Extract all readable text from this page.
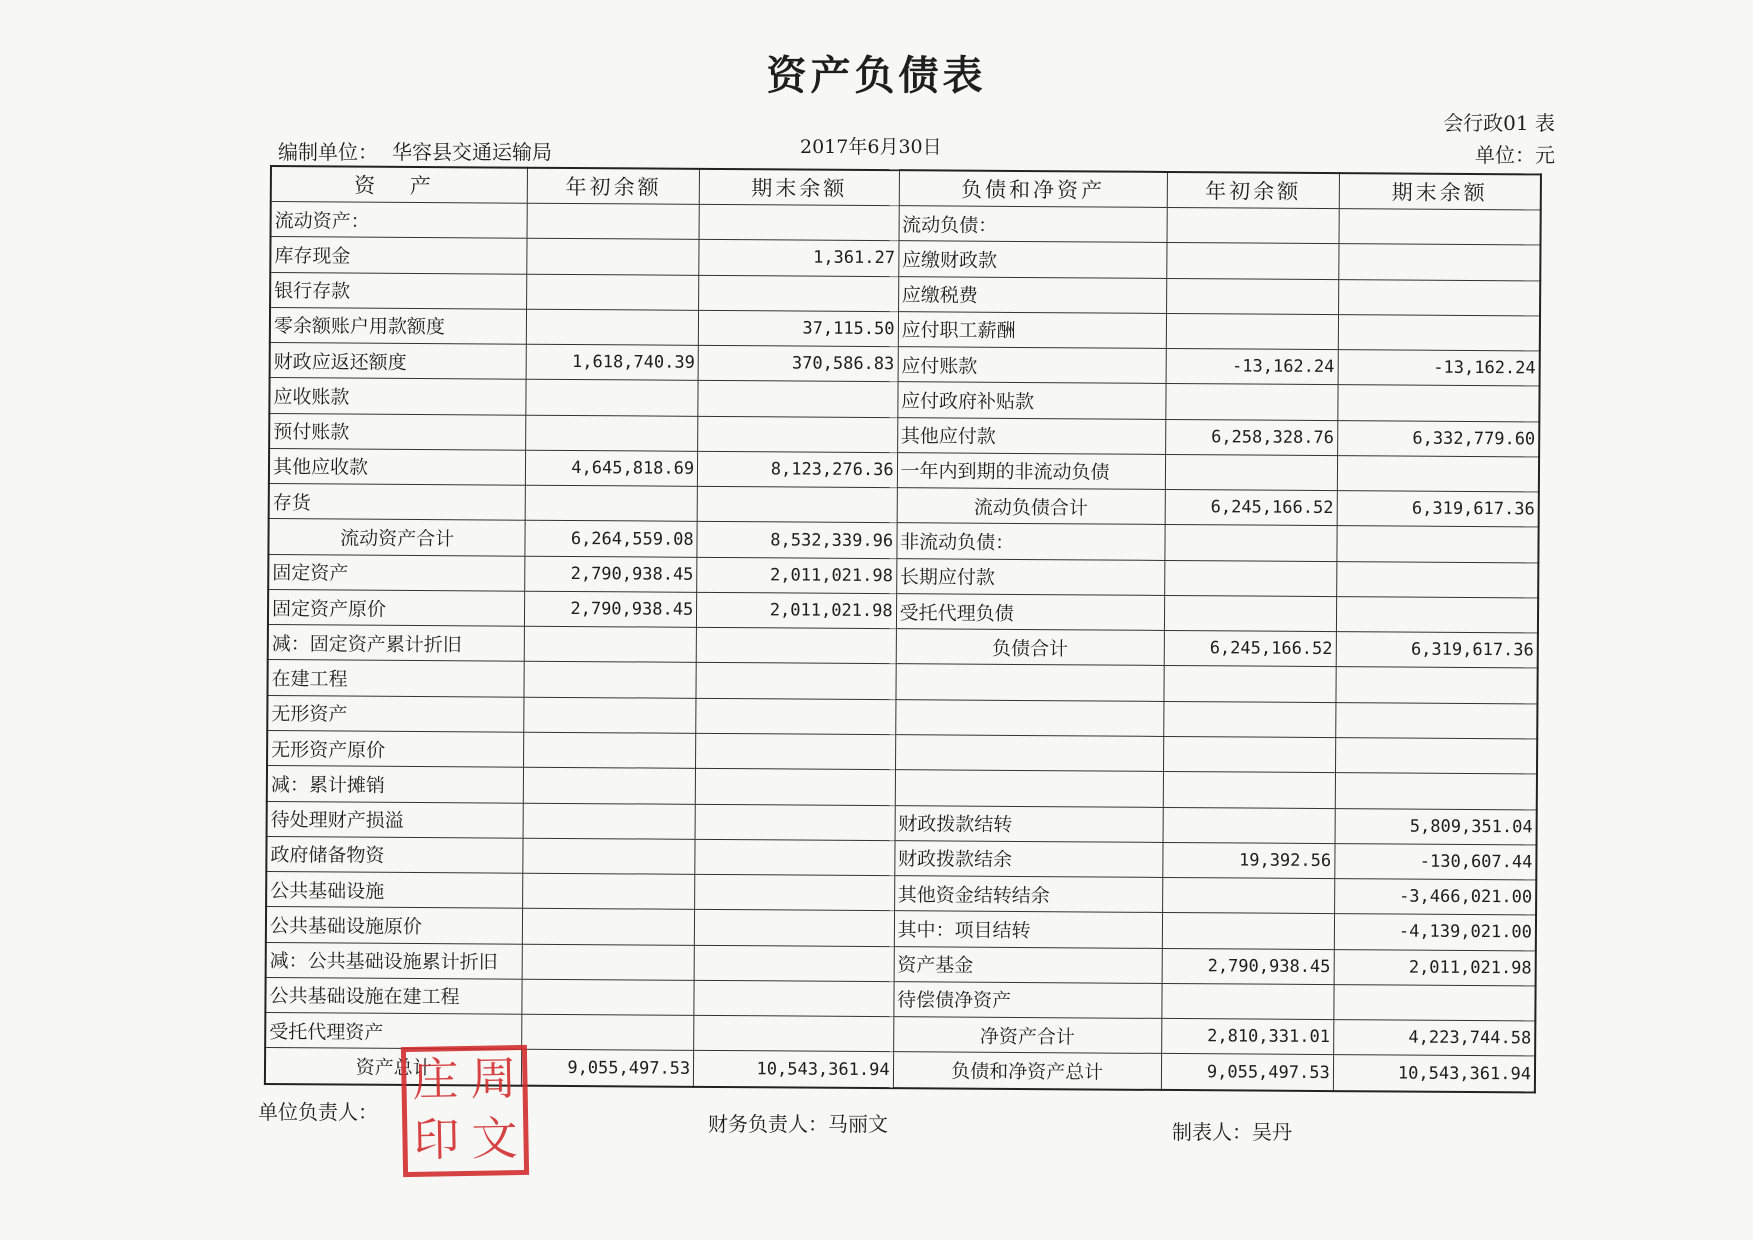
资产负债表
会行政01 表
单位：元
编制单位： 华容县交通运输局	2017年6月30日
资 产	年初余额	期末余额	负债和净资产	年初余额	期末余额
流动资产：			流动负债：		
库存现金		1,361.27	应缴财政款		
银行存款			应缴税费		
零余额账户用款额度		37,115.50	应付职工薪酬		
财政应返还额度	1,618,740.39	370,586.83	应付账款	-13,162.24	-13,162.24
应收账款			应付政府补贴款		
预付账款			其他应付款	6,258,328.76	6,332,779.60
其他应收款	4,645,818.69	8,123,276.36	一年内到期的非流动负债		
存货			流动负债合计	6,245,166.52	6,319,617.36
流动资产合计	6,264,559.08	8,532,339.96	非流动负债：		
固定资产	2,790,938.45	2,011,021.98	长期应付款		
固定资产原价	2,790,938.45	2,011,021.98	受托代理负债		
减：固定资产累计折旧			负债合计	6,245,166.52	6,319,617.36
在建工程					
无形资产					
无形资产原价					
减：累计摊销					
待处理财产损溢			财政拨款结转		5,809,351.04
政府储备物资			财政拨款结余	19,392.56	-130,607.44
公共基础设施			其他资金结转结余		-3,466,021.00
公共基础设施原价			其中：项目结转		-4,139,021.00
减：公共基础设施累计折旧			资产基金	2,790,938.45	2,011,021.98
公共基础设施在建工程			待偿债净资产		
受托代理资产			净资产合计	2,810,331.01	4,223,744.58
资产总计	9,055,497.53	10,543,361.94	负债和净资产总计	9,055,497.53	10,543,361.94
单位负责人：	财务负责人：马丽文	制表人：吴丹
庄 周
印 文
